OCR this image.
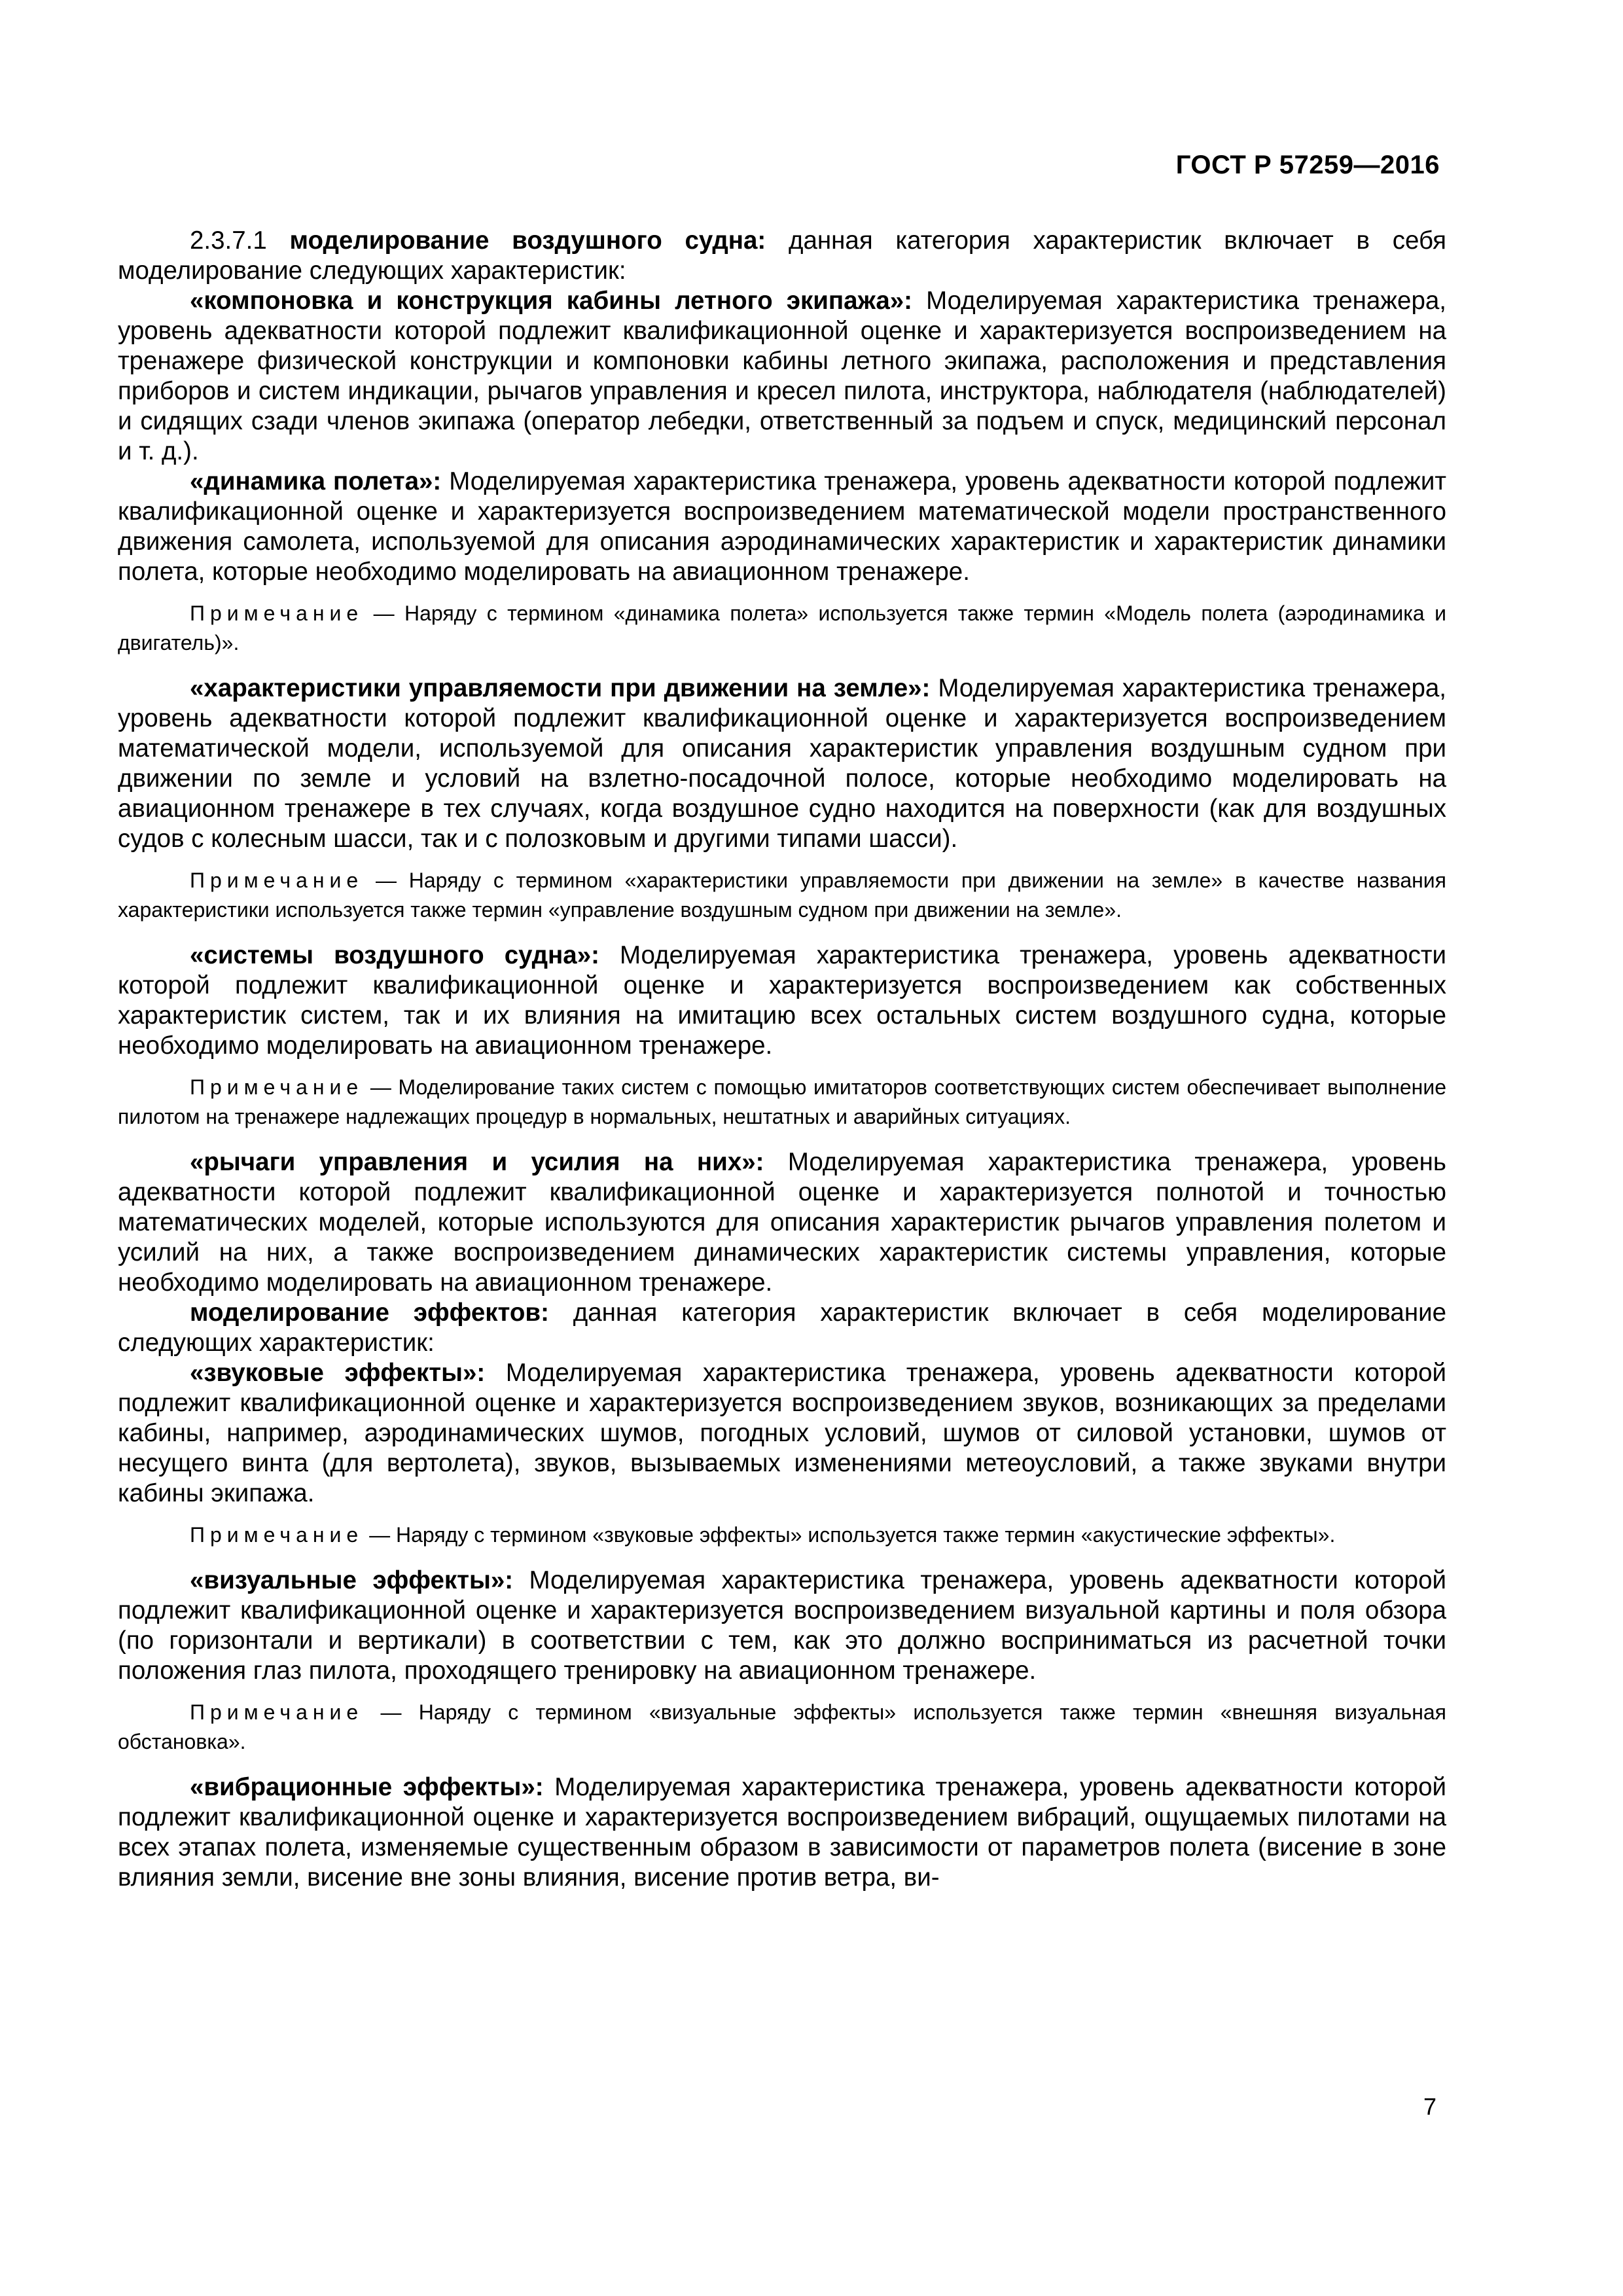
ГОСТ Р 57259—2016

2.3.7.1 моделирование воздушного судна: данная категория характеристик включает в себя моделирование следующих характеристик:

«компоновка и конструкция кабины летного экипажа»: Моделируемая характеристика тренажера, уровень адекватности которой подлежит квалификационной оценке и характеризуется воспроизведением на тренажере физической конструкции и компоновки кабины летного экипажа, расположения и представления приборов и систем индикации, рычагов управления и кресел пилота, инструктора, наблюдателя (наблюдателей) и сидящих сзади членов экипажа (оператор лебедки, ответственный за подъем и спуск, медицинский персонал и т. д.).

«динамика полета»: Моделируемая характеристика тренажера, уровень адекватности которой подлежит квалификационной оценке и характеризуется воспроизведением математической модели пространственного движения самолета, используемой для описания аэродинамических характеристик и характеристик динамики полета, которые необходимо моделировать на авиационном тренажере.

Примечание — Наряду с термином «динамика полета» используется также термин «Модель полета (аэродинамика и двигатель)».

«характеристики управляемости при движении на земле»: Моделируемая характеристика тренажера, уровень адекватности которой подлежит квалификационной оценке и характеризуется воспроизведением математической модели, используемой для описания характеристик управления воздушным судном при движении по земле и условий на взлетно-посадочной полосе, которые необходимо моделировать на авиационном тренажере в тех случаях, когда воздушное судно находится на поверхности (как для воздушных судов с колесным шасси, так и с полозковым и другими типами шасси).

Примечание — Наряду с термином «характеристики управляемости при движении на земле» в качестве названия характеристики используется также термин «управление воздушным судном при движении на земле».

«системы воздушного судна»: Моделируемая характеристика тренажера, уровень адекватности которой подлежит квалификационной оценке и характеризуется воспроизведением как собственных характеристик систем, так и их влияния на имитацию всех остальных систем воздушного судна, которые необходимо моделировать на авиационном тренажере.

Примечание — Моделирование таких систем с помощью имитаторов соответствующих систем обеспечивает выполнение пилотом на тренажере надлежащих процедур в нормальных, нештатных и аварийных ситуациях.

«рычаги управления и усилия на них»: Моделируемая характеристика тренажера, уровень адекватности которой подлежит квалификационной оценке и характеризуется полнотой и точностью математических моделей, которые используются для описания характеристик рычагов управления полетом и усилий на них, а также воспроизведением динамических характеристик системы управления, которые необходимо моделировать на авиационном тренажере.

моделирование эффектов: данная категория характеристик включает в себя моделирование следующих характеристик:

«звуковые эффекты»: Моделируемая характеристика тренажера, уровень адекватности которой подлежит квалификационной оценке и характеризуется воспроизведением звуков, возникающих за пределами кабины, например, аэродинамических шумов, погодных условий, шумов от силовой установки, шумов от несущего винта (для вертолета), звуков, вызываемых изменениями метеоусловий, а также звуками внутри кабины экипажа.

Примечание — Наряду с термином «звуковые эффекты» используется также термин «акустические эффекты».

«визуальные эффекты»: Моделируемая характеристика тренажера, уровень адекватности которой подлежит квалификационной оценке и характеризуется воспроизведением визуальной картины и поля обзора (по горизонтали и вертикали) в соответствии с тем, как это должно восприниматься из расчетной точки положения глаз пилота, проходящего тренировку на авиационном тренажере.

Примечание — Наряду с термином «визуальные эффекты» используется также термин «внешняя визуальная обстановка».

«вибрационные эффекты»: Моделируемая характеристика тренажера, уровень адекватности которой подлежит квалификационной оценке и характеризуется воспроизведением вибраций, ощущаемых пилотами на всех этапах полета, изменяемые существенным образом в зависимости от параметров полета (висение в зоне влияния земли, висение вне зоны влияния, висение против ветра, ви-

7
